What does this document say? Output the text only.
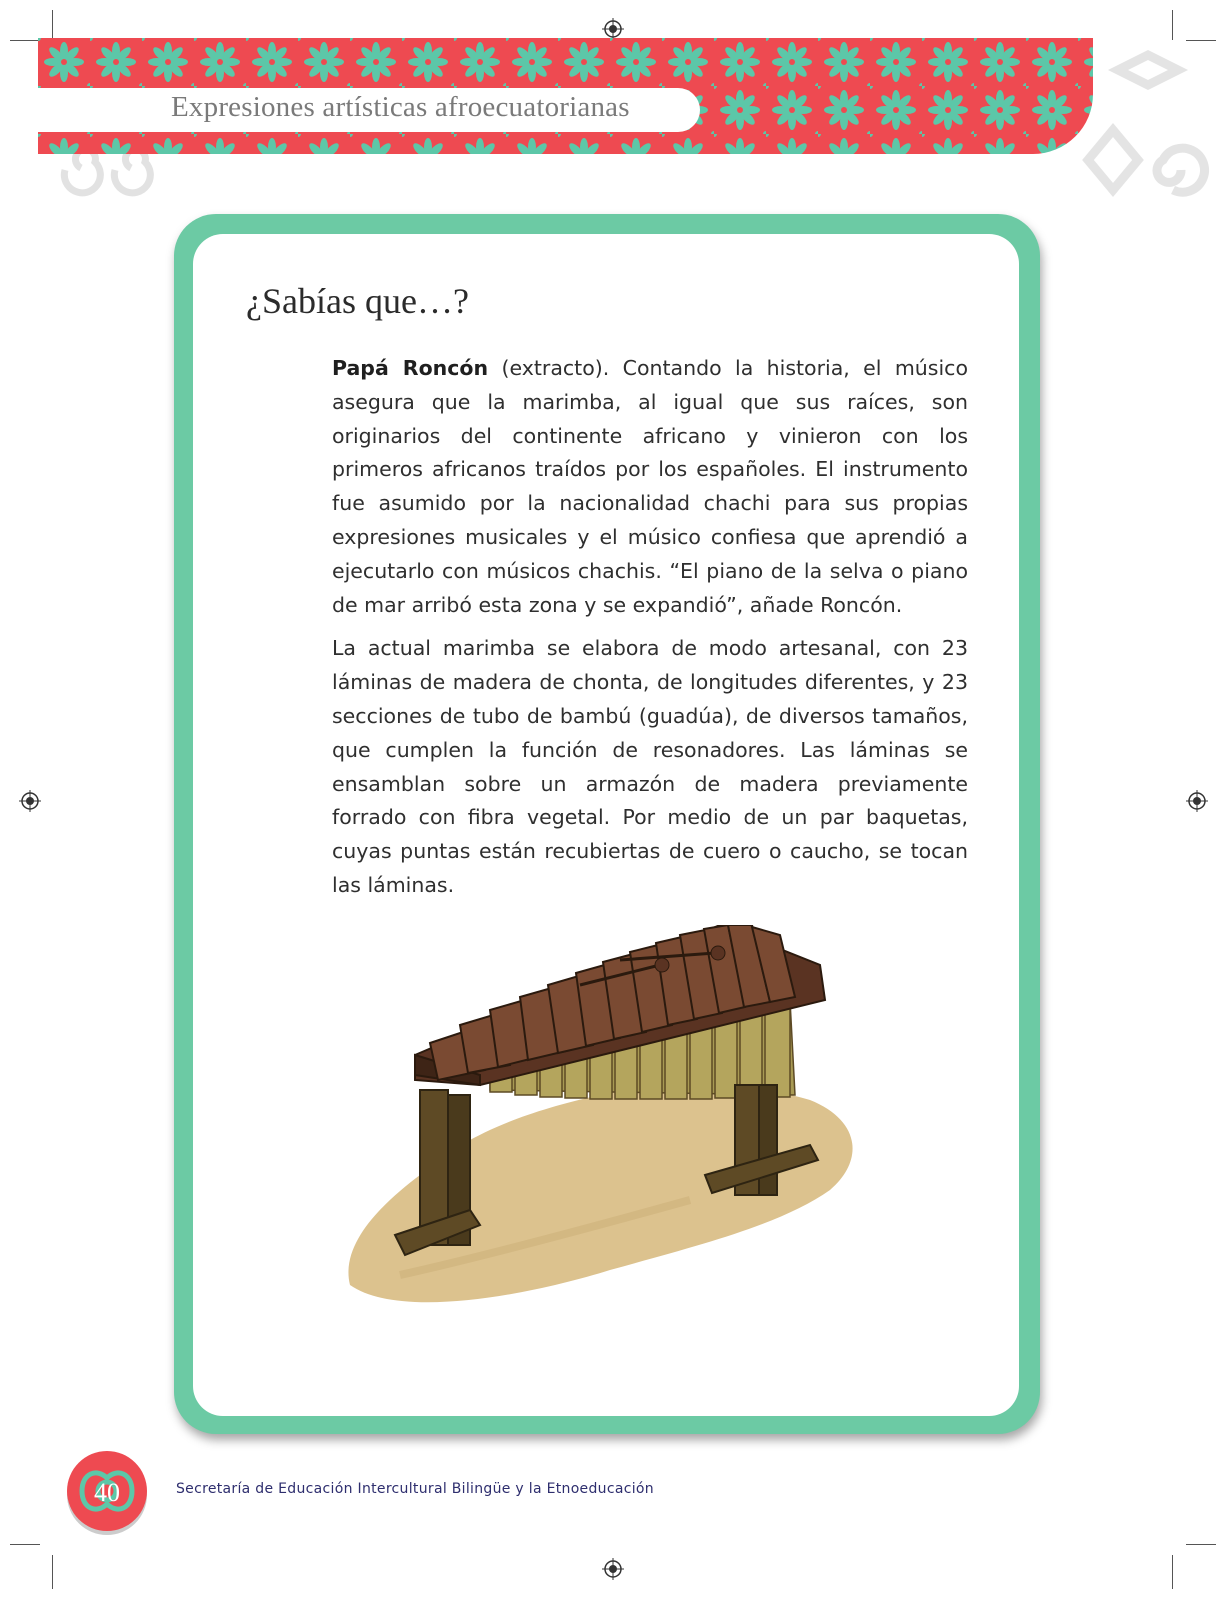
Expresiones artísticas afroecuatorianas
¿Sabías que…?

Papá Roncón (extracto). Contando la historia, el músico asegura que la marimba, al igual que sus raíces, son originarios del continente africano y vinieron con los primeros africanos traídos por los españoles. El instrumento fue asumido por la nacionalidad chachi para sus propias expresiones musicales y el músico confiesa que aprendió a ejecutarlo con músicos chachis. “El piano de la selva o piano de mar arribó esta zona y se expandió”, añade Roncón.

La actual marimba se elabora de modo artesanal, con 23 láminas de madera de chonta, de longitudes diferentes, y 23 secciones de tubo de bambú (guadúa), de diversos tamaños, que cumplen la función de resonadores. Las láminas se ensamblan sobre un armazón de madera previamente forrado con fibra vegetal. Por medio de un par baquetas, cuyas puntas están recubiertas de cuero o caucho, se tocan las láminas.

40	Secretaría de Educación Intercultural Bilingüe y la Etnoeducación
